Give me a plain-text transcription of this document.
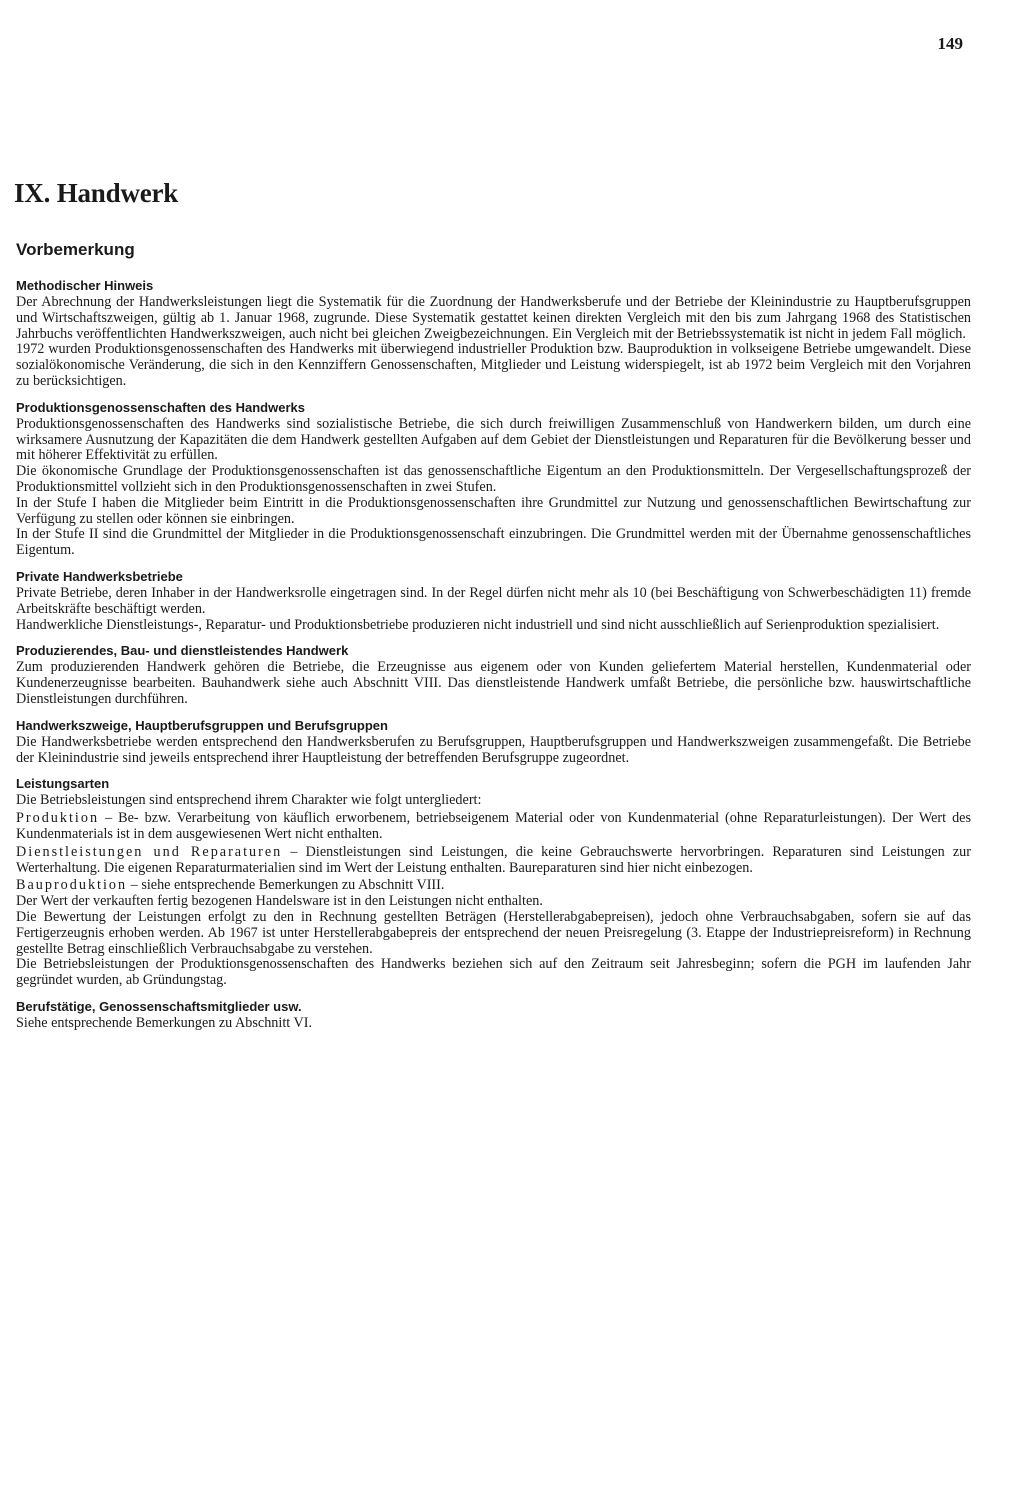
149
IX. Handwerk
Vorbemerkung
Methodischer Hinweis

Der Abrechnung der Handwerksleistungen liegt die Systematik für die Zuordnung der Handwerksberufe und der Betriebe der Kleinindustrie zu Hauptberufsgruppen und Wirtschaftszweigen, gültig ab 1. Januar 1968, zugrunde. Diese Systematik gestattet keinen direkten Vergleich mit den bis zum Jahrgang 1968 des Statistischen Jahrbuchs veröffentlichten Handwerkszweigen, auch nicht bei gleichen Zweigbezeichnungen. Ein Vergleich mit der Betriebssystematik ist nicht in jedem Fall möglich.

1972 wurden Produktionsgenossenschaften des Handwerks mit überwiegend industrieller Produktion bzw. Bauproduktion in volkseigene Betriebe umgewandelt. Diese sozialökonomische Veränderung, die sich in den Kennziffern Genossenschaften, Mitglieder und Leistung widerspiegelt, ist ab 1972 beim Vergleich mit den Vorjahren zu berücksichtigen.

Produktionsgenossenschaften des Handwerks

Produktionsgenossenschaften des Handwerks sind sozialistische Betriebe, die sich durch freiwilligen Zusammenschluß von Handwerkern bilden, um durch eine wirksamere Ausnutzung der Kapazitäten die dem Handwerk gestellten Aufgaben auf dem Gebiet der Dienstleistungen und Reparaturen für die Bevölkerung besser und mit höherer Effektivität zu erfüllen.

Die ökonomische Grundlage der Produktionsgenossenschaften ist das genossenschaftliche Eigentum an den Produktionsmitteln. Der Vergesellschaftungsprozeß der Produktionsmittel vollzieht sich in den Produktionsgenossenschaften in zwei Stufen.

In der Stufe I haben die Mitglieder beim Eintritt in die Produktionsgenossenschaften ihre Grundmittel zur Nutzung und genossenschaftlichen Bewirtschaftung zur Verfügung zu stellen oder können sie einbringen.

In der Stufe II sind die Grundmittel der Mitglieder in die Produktionsgenossenschaft einzubringen. Die Grundmittel werden mit der Übernahme genossenschaftliches Eigentum.

Private Handwerksbetriebe

Private Betriebe, deren Inhaber in der Handwerksrolle eingetragen sind. In der Regel dürfen nicht mehr als 10 (bei Beschäftigung von Schwerbeschädigten 11) fremde Arbeitskräfte beschäftigt werden.

Handwerkliche Dienstleistungs-, Reparatur- und Produktionsbetriebe produzieren nicht industriell und sind nicht ausschließlich auf Serienproduktion spezialisiert.

Produzierendes, Bau- und dienstleistendes Handwerk

Zum produzierenden Handwerk gehören die Betriebe, die Erzeugnisse aus eigenem oder von Kunden geliefertem Material herstellen, Kundenmaterial oder Kundenerzeugnisse bearbeiten. Bauhandwerk siehe auch Abschnitt VIII. Das dienstleistende Handwerk umfaßt Betriebe, die persönliche bzw. hauswirtschaftliche Dienstleistungen durchführen.

Handwerkszweige, Hauptberufsgruppen und Berufsgruppen

Die Handwerksbetriebe werden entsprechend den Handwerksberufen zu Berufsgruppen, Hauptberufsgruppen und Handwerkszweigen zusammengefaßt. Die Betriebe der Kleinindustrie sind jeweils entsprechend ihrer Hauptleistung der betreffenden Berufsgruppe zugeordnet.

Leistungsarten

Die Betriebsleistungen sind entsprechend ihrem Charakter wie folgt untergliedert:

Produktion – Be- bzw. Verarbeitung von käuflich erworbenem, betriebseigenem Material oder von Kundenmaterial (ohne Reparaturleistungen). Der Wert des Kundenmaterials ist in dem ausgewiesenen Wert nicht enthalten.

Dienstleistungen und Reparaturen – Dienstleistungen sind Leistungen, die keine Gebrauchswerte hervorbringen. Reparaturen sind Leistungen zur Werterhaltung. Die eigenen Reparaturmaterialien sind im Wert der Leistung enthalten. Baureparaturen sind hier nicht einbezogen.

Bauproduktion – siehe entsprechende Bemerkungen zu Abschnitt VIII.

Der Wert der verkauften fertig bezogenen Handelsware ist in den Leistungen nicht enthalten.

Die Bewertung der Leistungen erfolgt zu den in Rechnung gestellten Beträgen (Herstellerabgabepreisen), jedoch ohne Verbrauchsabgaben, sofern sie auf das Fertigerzeugnis erhoben werden. Ab 1967 ist unter Herstellerabgabepreis der entsprechend der neuen Preisregelung (3. Etappe der Industriepreisreform) in Rechnung gestellte Betrag einschließlich Verbrauchsabgabe zu verstehen.

Die Betriebsleistungen der Produktionsgenossenschaften des Handwerks beziehen sich auf den Zeitraum seit Jahresbeginn; sofern die PGH im laufenden Jahr gegründet wurden, ab Gründungstag.

Berufstätige, Genossenschaftsmitglieder usw.

Siehe entsprechende Bemerkungen zu Abschnitt VI.
